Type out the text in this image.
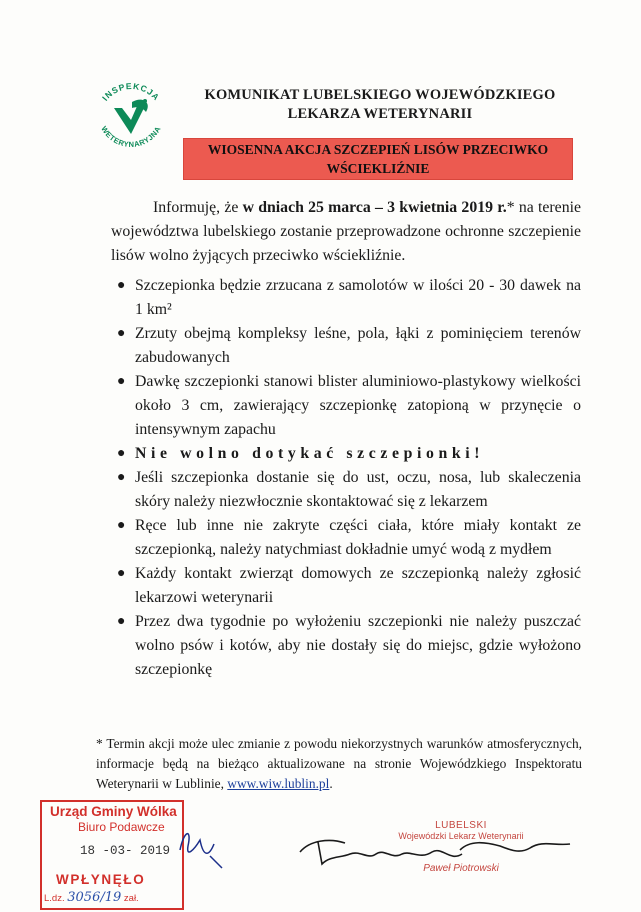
INSPEKCJA
WETERYNARYJNA
KOMUNIKAT LUBELSKIEGO WOJEWÓDZKIEGO
LEKARZA WETERYNARII
WIOSENNA AKCJA SZCZEPIEŃ LISÓW PRZECIWKO
WŚCIEKLIŹNIE

Informuję, że w dniach 25 marca – 3 kwietnia 2019 r.* na terenie województwa lubelskiego zostanie przeprowadzone ochronne szczepienie lisów wolno żyjących przeciwko wściekliźnie.

● Szczepionka będzie zrzucana z samolotów w ilości 20 - 30 dawek na 1 km²
● Zrzuty obejmą kompleksy leśne, pola, łąki z pominięciem terenów zabudowanych
● Dawkę szczepionki stanowi blister aluminiowo-plastykowy wielkości około 3 cm, zawierający szczepionkę zatopioną w przynęcie o intensywnym zapachu
● Nie wolno dotykać szczepionki!
● Jeśli szczepionka dostanie się do ust, oczu, nosa, lub skaleczenia skóry należy niezwłocznie skontaktować się z lekarzem
● Ręce lub inne nie zakryte części ciała, które miały kontakt ze szczepionką, należy natychmiast dokładnie umyć wodą z mydłem
● Każdy kontakt zwierząt domowych ze szczepionką należy zgłosić lekarzowi weterynarii
● Przez dwa tygodnie po wyłożeniu szczepionki nie należy puszczać wolno psów i kotów, aby nie dostały się do miejsc, gdzie wyłożono szczepionkę
* Termin akcji może ulec zmianie z powodu niekorzystnych warunków atmosferycznych, informacje będą na bieżąco aktualizowane na stronie Wojewódzkiego Inspektoratu Weterynarii w Lublinie, www.wiw.lublin.pl.
Urząd Gminy Wólka
Biuro Podawcze
18 -03- 2019
WPŁYNĘŁO
L.dz. 3056/19 zał.
LUBELSKI
Wojewódzki Lekarz Weterynarii
Paweł Piotrowski
